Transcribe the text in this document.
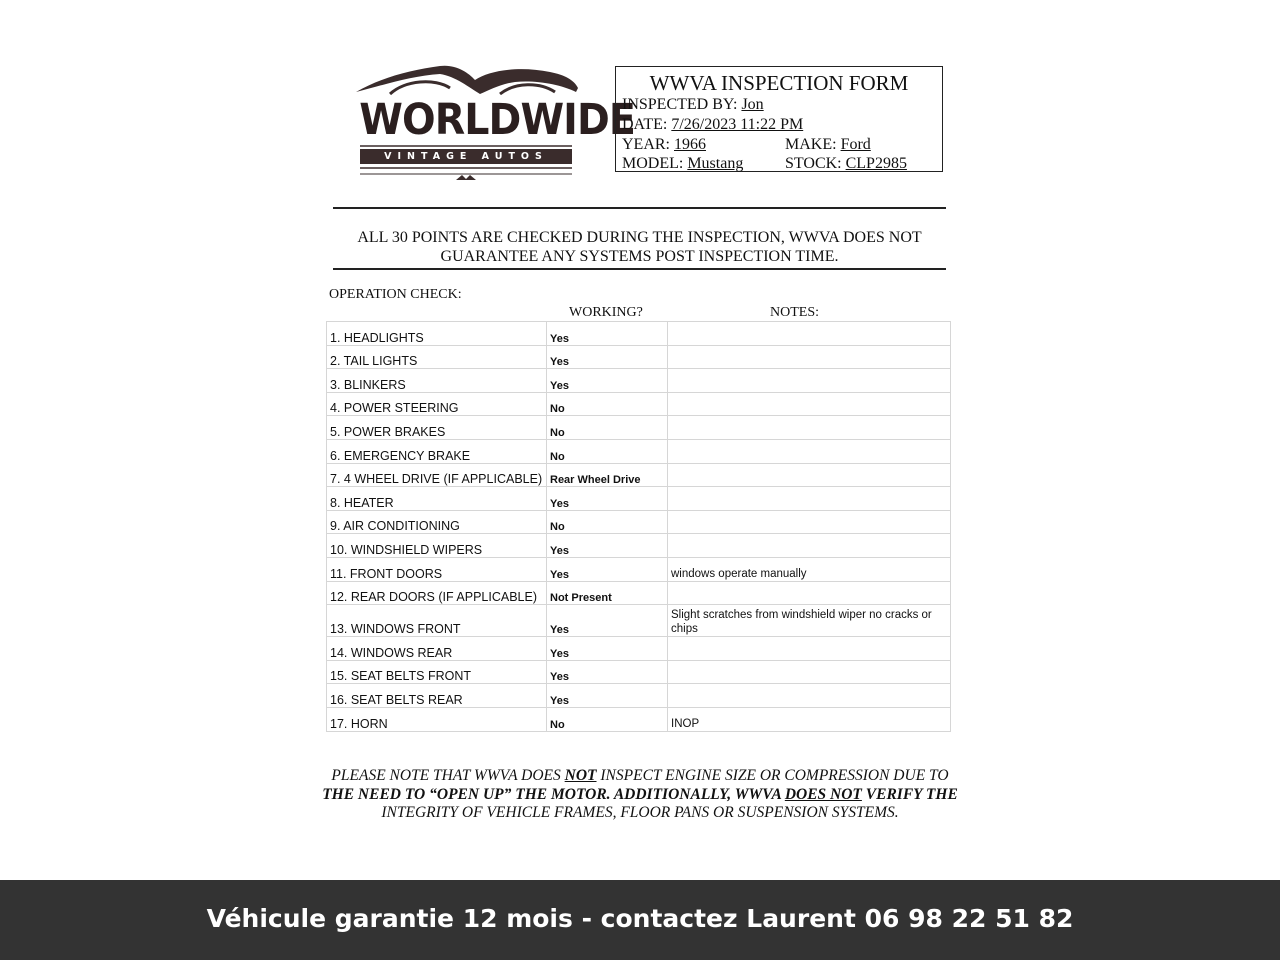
WORLDWIDE
VINTAGE AUTOS
WWVA INSPECTION FORM
INSPECTED BY: Jon
DATE: 7/26/2023 11:22 PM
YEAR: 1966	MAKE: Ford
MODEL: Mustang	STOCK: CLP2985
ALL 30 POINTS ARE CHECKED DURING THE INSPECTION, WWVA DOES NOT
GUARANTEE ANY SYSTEMS POST INSPECTION TIME.
OPERATION CHECK:
WORKING?	NOTES:
1. HEADLIGHTS	Yes	
2. TAIL LIGHTS	Yes	
3. BLINKERS	Yes	
4. POWER STEERING	No	
5. POWER BRAKES	No	
6. EMERGENCY BRAKE	No	
7. 4 WHEEL DRIVE (IF APPLICABLE)	Rear Wheel Drive	
8. HEATER	Yes	
9. AIR CONDITIONING	No	
10. WINDSHIELD WIPERS	Yes	
11. FRONT DOORS	Yes	windows operate manually
12. REAR DOORS (IF APPLICABLE)	Not Present	
13. WINDOWS FRONT	Yes	Slight scratches from windshield wiper no cracks or chips
14. WINDOWS REAR	Yes	
15. SEAT BELTS FRONT	Yes	
16. SEAT BELTS REAR	Yes	
17. HORN	No	INOP
PLEASE NOTE THAT WWVA DOES NOT INSPECT ENGINE SIZE OR COMPRESSION DUE TO
THE NEED TO “OPEN UP” THE MOTOR. ADDITIONALLY, WWVA DOES NOT VERIFY THE
INTEGRITY OF VEHICLE FRAMES, FLOOR PANS OR SUSPENSION SYSTEMS.
Véhicule garantie 12 mois - contactez Laurent 06 98 22 51 82
